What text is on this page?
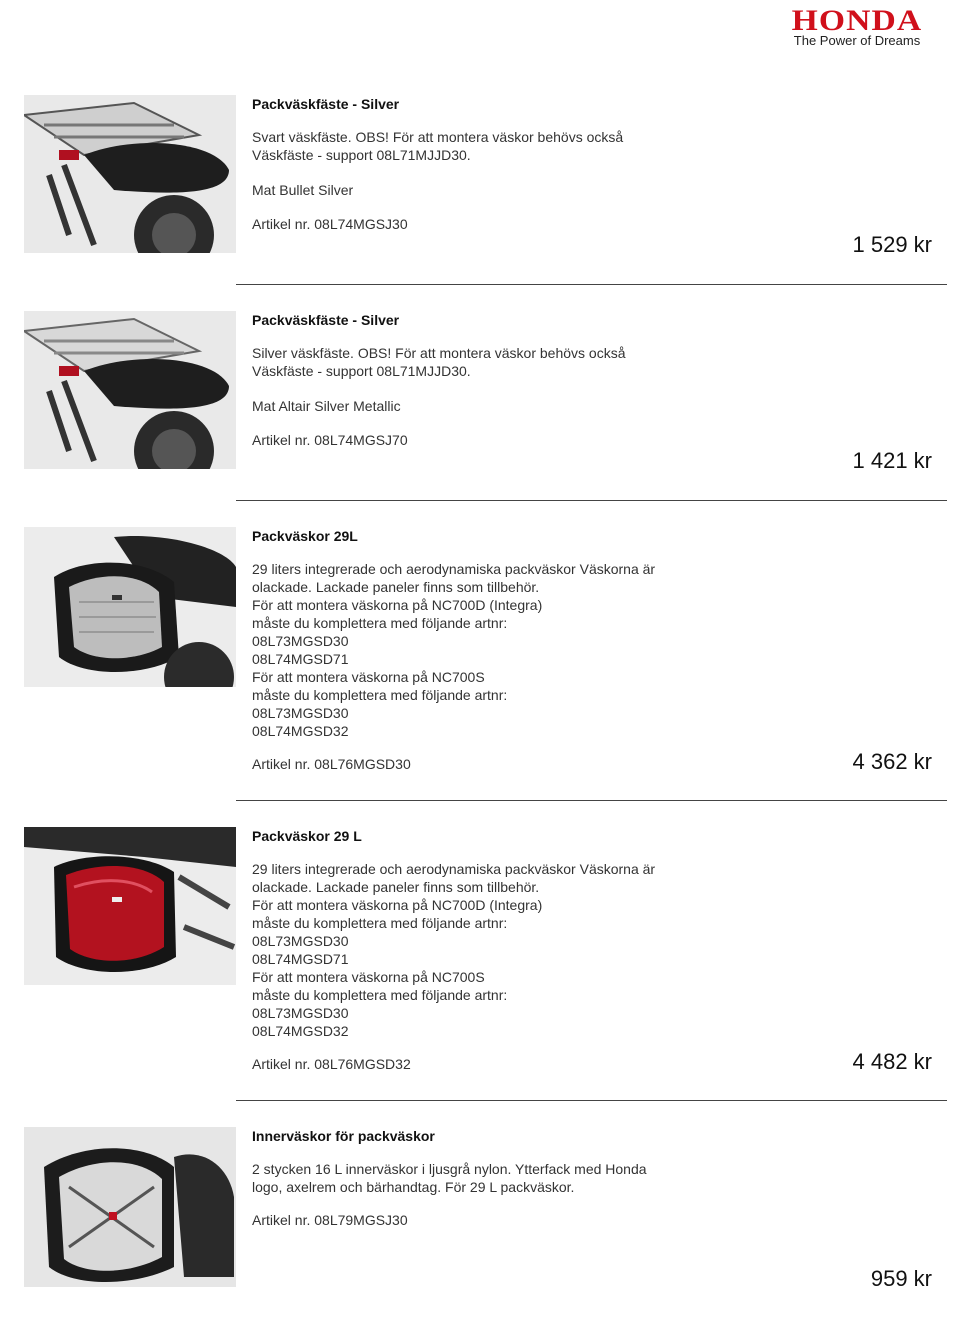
HONDA
The Power of Dreams
Packväskfäste - Silver
Svart väskfäste. OBS! För att montera väskor behövs också
Väskfäste - support 08L71MJJD30.
Mat Bullet Silver
Artikel nr. 08L74MGSJ30
1 529 kr
Packväskfäste - Silver
Silver väskfäste. OBS! För att montera väskor behövs också
Väskfäste - support 08L71MJJD30.
Mat Altair Silver Metallic
Artikel nr. 08L74MGSJ70
1 421 kr
Packväskor 29L
29 liters integrerade och aerodynamiska packväskor Väskorna är
olackade. Lackade paneler finns som tillbehör.
För att montera väskorna på NC700D (Integra)
måste du komplettera med följande artnr:
08L73MGSD30
08L74MGSD71
För att montera väskorna på NC700S
måste du komplettera med följande artnr:
08L73MGSD30
08L74MGSD32
Artikel nr. 08L76MGSD30	4 362 kr
Packväskor 29 L
29 liters integrerade och aerodynamiska packväskor Väskorna är
olackade. Lackade paneler finns som tillbehör.
För att montera väskorna på NC700D (Integra)
måste du komplettera med följande artnr:
08L73MGSD30
08L74MGSD71
För att montera väskorna på NC700S
måste du komplettera med följande artnr:
08L73MGSD30
08L74MGSD32
Artikel nr. 08L76MGSD32	4 482 kr
Innerväskor för packväskor
2 stycken 16 L innerväskor i ljusgrå nylon. Ytterfack med Honda
logo, axelrem och bärhandtag. För 29 L packväskor.
Artikel nr. 08L79MGSJ30
959 kr
